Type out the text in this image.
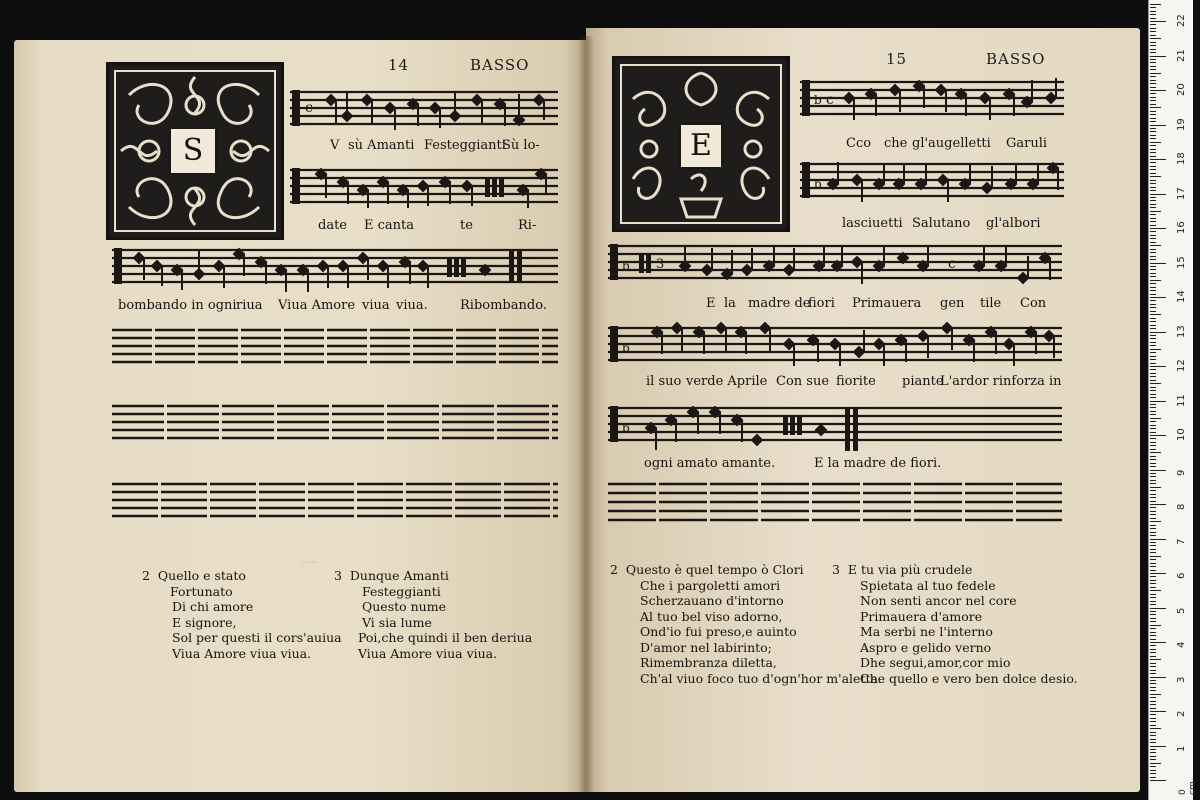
·····
14	BASSO
S
c
V sù Amanti Festeggianti
Sù lo-
date E canta	te	Ri-
bombando in ogni riua Viua Amore viua viua. Ribombando.
2 Quello e stato
Fortunato
Di chi amore
E signore,
Sol per questi il cors'auiua
Viua Amore viua viua.
3 Dunque Amanti
Festeggianti
Questo nume
Vi sia lume
Poi,che quindi il ben deriua
Viua Amore viua viua.
15	BASSO
E
b c
Cco che gl'augelletti Garuli
b
lasciuetti Salutano gl'albori
b 3	c
E la madre de
fiori Primauera gen tile Con
b
il suo verde Aprile Con sue fiorite piante
L'ardor rinforza in
b
ogni amato amante.	E la madre de fiori.
2 Questo è quel tempo ò Clori
Che i pargoletti amori
Scherzauano d'intorno
Al tuo bel viso adorno,
Ond'io fui preso,e auinto
D'amor nel labirinto;
Rimembranza diletta,
Ch'al viuo foco tuo d'ogn'hor m'aletta.
3 E tu via più crudele
Spietata al tuo fedele
Non senti ancor nel core
Primauera d'amore
Ma serbi ne l'interno
Aspro e gelido verno
Dhe segui,amor,cor mio
Che quello e vero ben dolce desio.
0 cm
1
2
3
4
5
6
7
8
9
10
11
12
13
14
15
16
17
18
19
20
21
22
